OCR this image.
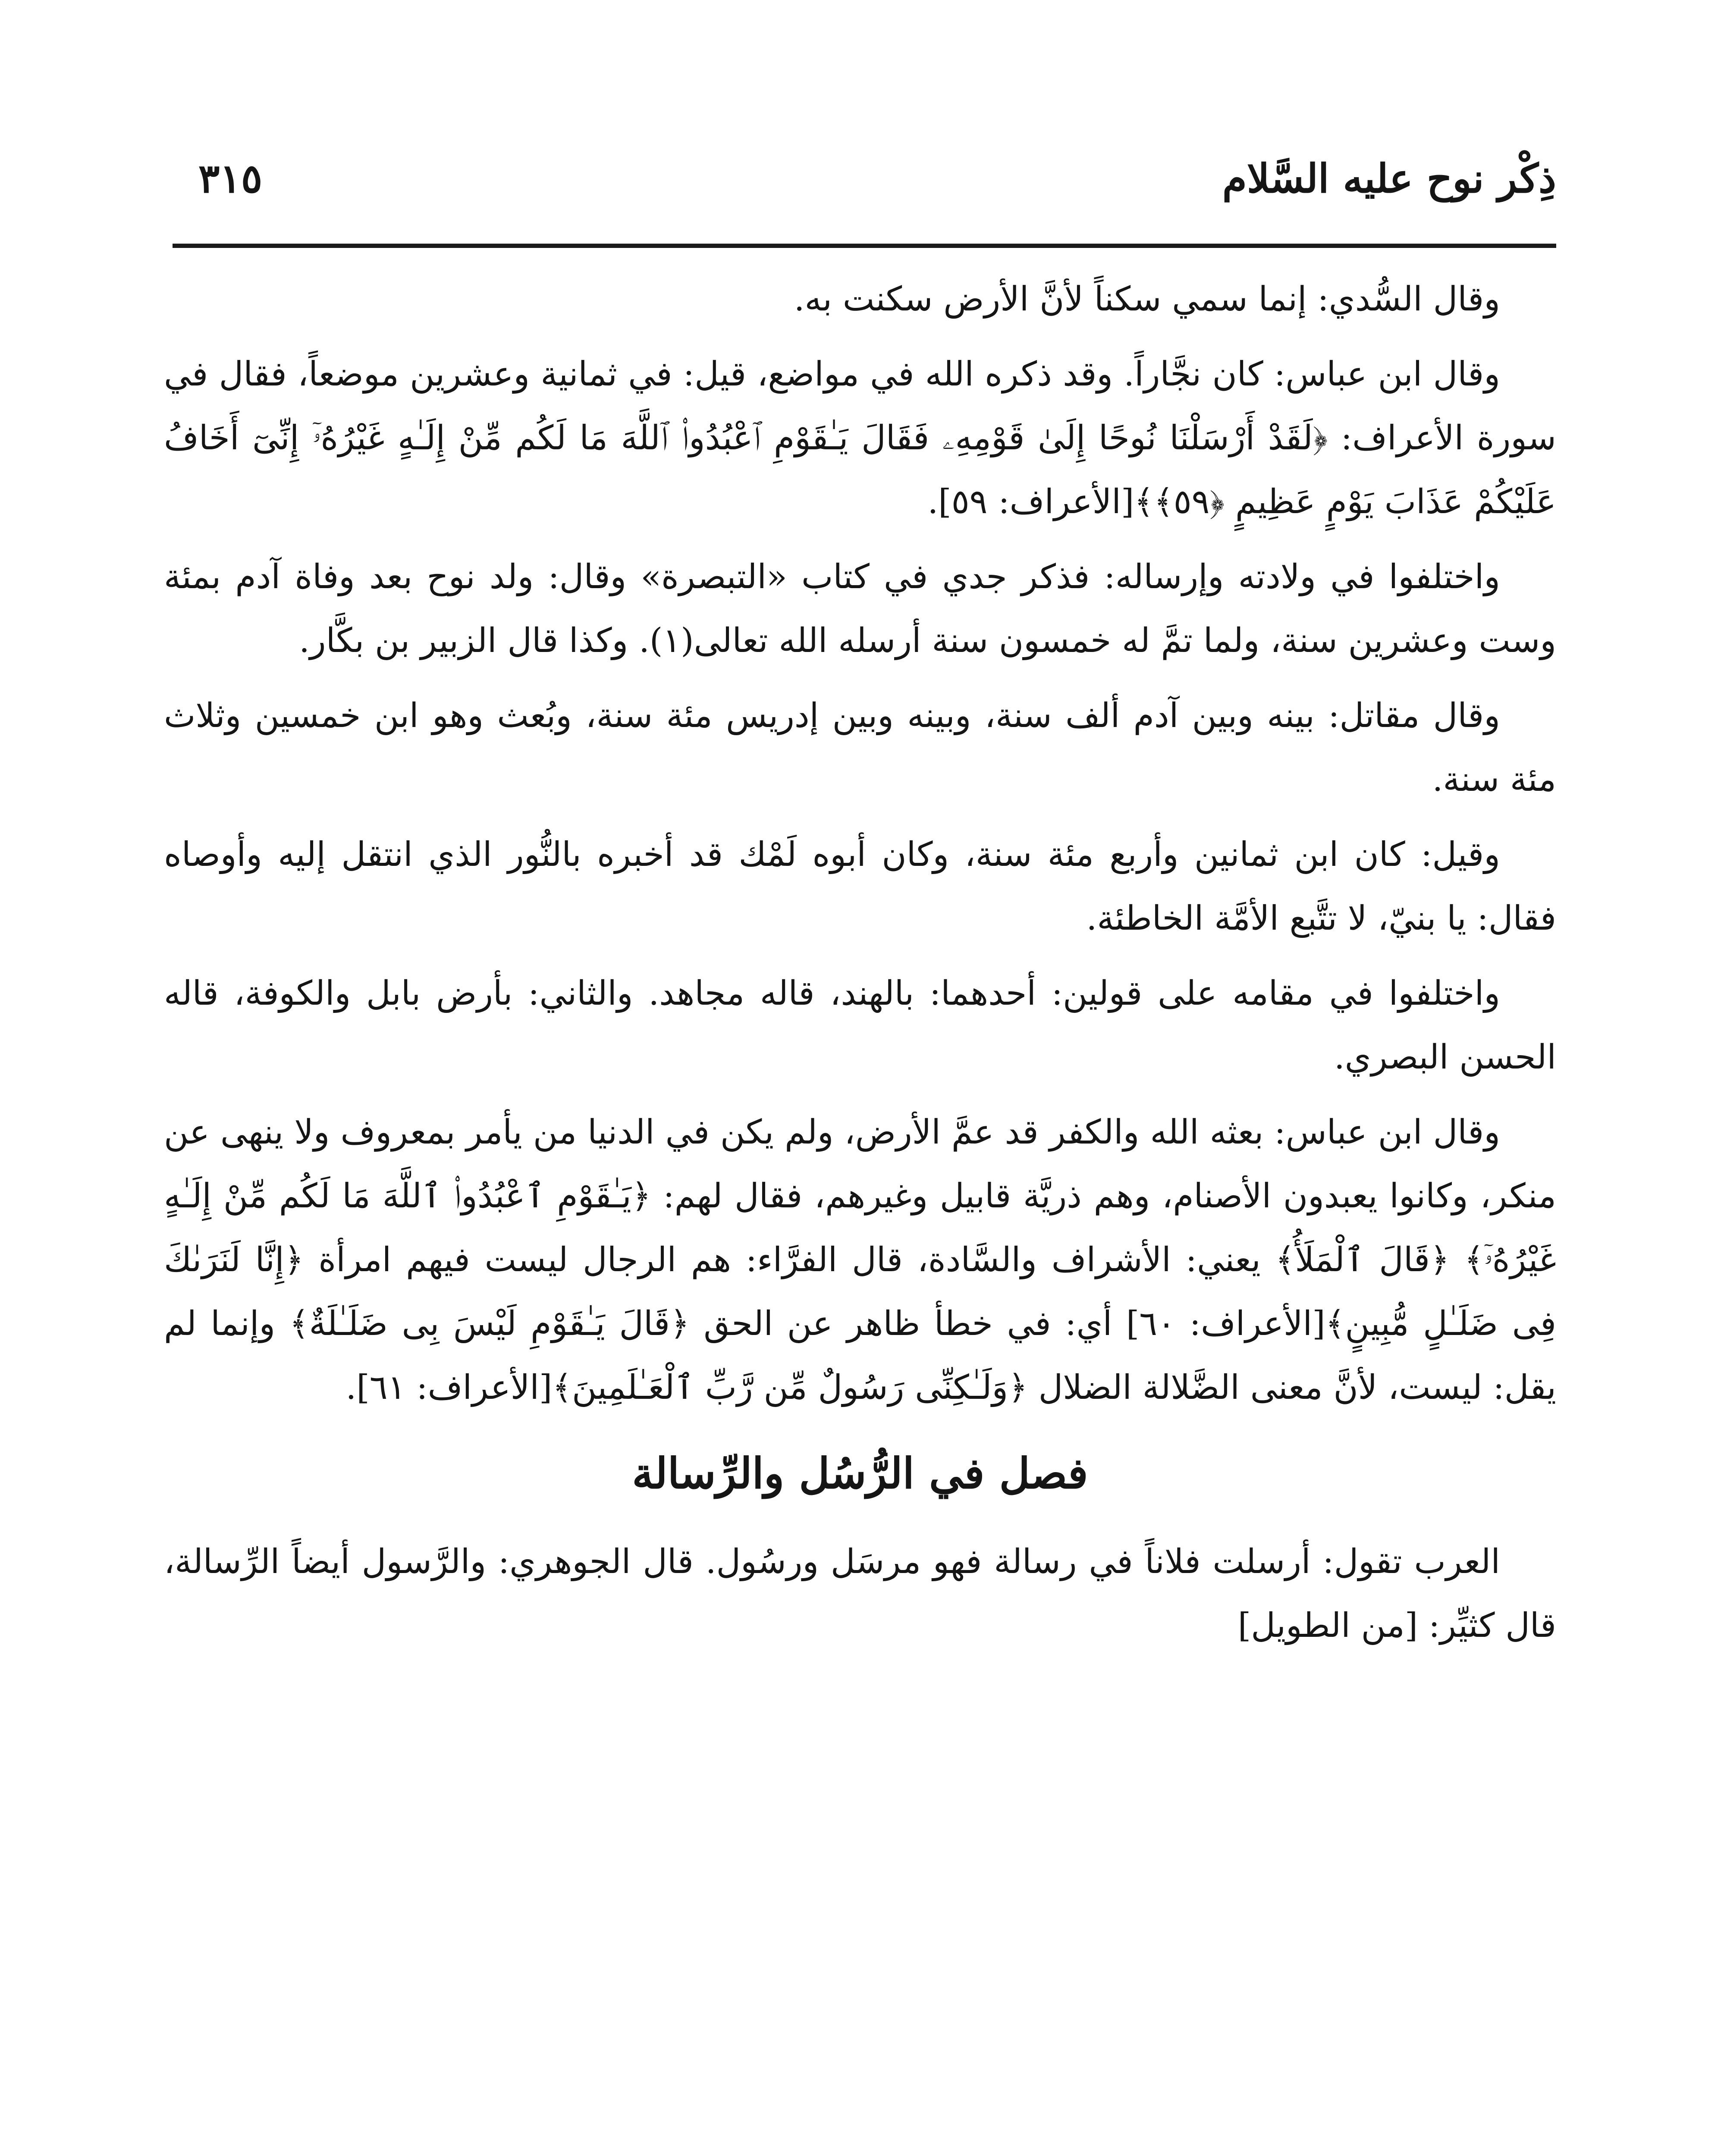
ذِكْر نوح عليه السَّلام
٣١٥

وقال السُّدي: إنما سمي سكناً لأنَّ الأرض سكنت به.

وقال ابن عباس: كان نجَّاراً. وقد ذكره الله في مواضع، قيل: في ثمانية وعشرين موضعاً، فقال في سورة الأعراف: ﴿لَقَدْ أَرْسَلْنَا نُوحًا إِلَىٰ قَوْمِهِۦ فَقَالَ يَـٰقَوْمِ ٱعْبُدُوا۟ ٱللَّهَ مَا لَكُم مِّنْ إِلَـٰهٍ غَيْرُهُۥٓ إِنِّىٓ أَخَافُ عَلَيْكُمْ عَذَابَ يَوْمٍ عَظِيمٍ ﴿٥٩﴾﴾[الأعراف: ٥٩].

واختلفوا في ولادته وإرساله: فذكر جدي في كتاب «التبصرة» وقال: ولد نوح بعد وفاة آدم بمئة وست وعشرين سنة، ولما تمَّ له خمسون سنة أرسله الله تعالى(١). وكذا قال الزبير بن بكَّار.

وقال مقاتل: بينه وبين آدم ألف سنة، وبينه وبين إدريس مئة سنة، وبُعث وهو ابن خمسين وثلاث مئة سنة.

وقيل: كان ابن ثمانين وأربع مئة سنة، وكان أبوه لَمْك قد أخبره بالنُّور الذي انتقل إليه وأوصاه فقال: يا بنيّ، لا تتَّبع الأمَّة الخاطئة.

واختلفوا في مقامه على قولين: أحدهما: بالهند، قاله مجاهد. والثاني: بأرض بابل والكوفة، قاله الحسن البصري.

وقال ابن عباس: بعثه الله والكفر قد عمَّ الأرض، ولم يكن في الدنيا من يأمر بمعروف ولا ينهى عن منكر، وكانوا يعبدون الأصنام، وهم ذريَّة قابيل وغيرهم، فقال لهم: ﴿يَـٰقَوْمِ ٱعْبُدُوا۟ ٱللَّهَ مَا لَكُم مِّنْ إِلَـٰهٍ غَيْرُهُۥٓ﴾ ﴿قَالَ ٱلْمَلَأُ﴾ يعني: الأشراف والسَّادة، قال الفرَّاء: هم الرجال ليست فيهم امرأة ﴿إِنَّا لَنَرَىٰكَ فِى ضَلَـٰلٍ مُّبِينٍ﴾[الأعراف: ٦٠] أي: في خطأ ظاهر عن الحق ﴿قَالَ يَـٰقَوْمِ لَيْسَ بِى ضَلَـٰلَةٌ﴾ وإنما لم يقل: ليست، لأنَّ معنى الضَّلالة الضلال ﴿وَلَـٰكِنِّى رَسُولٌ مِّن رَّبِّ ٱلْعَـٰلَمِينَ﴾[الأعراف: ٦١].

فصل في الرُّسُل والرِّسالة

العرب تقول: أرسلت فلاناً في رسالة فهو مرسَل ورسُول. قال الجوهري: والرَّسول أيضاً الرِّسالة، قال كثيِّر: [من الطويل]
